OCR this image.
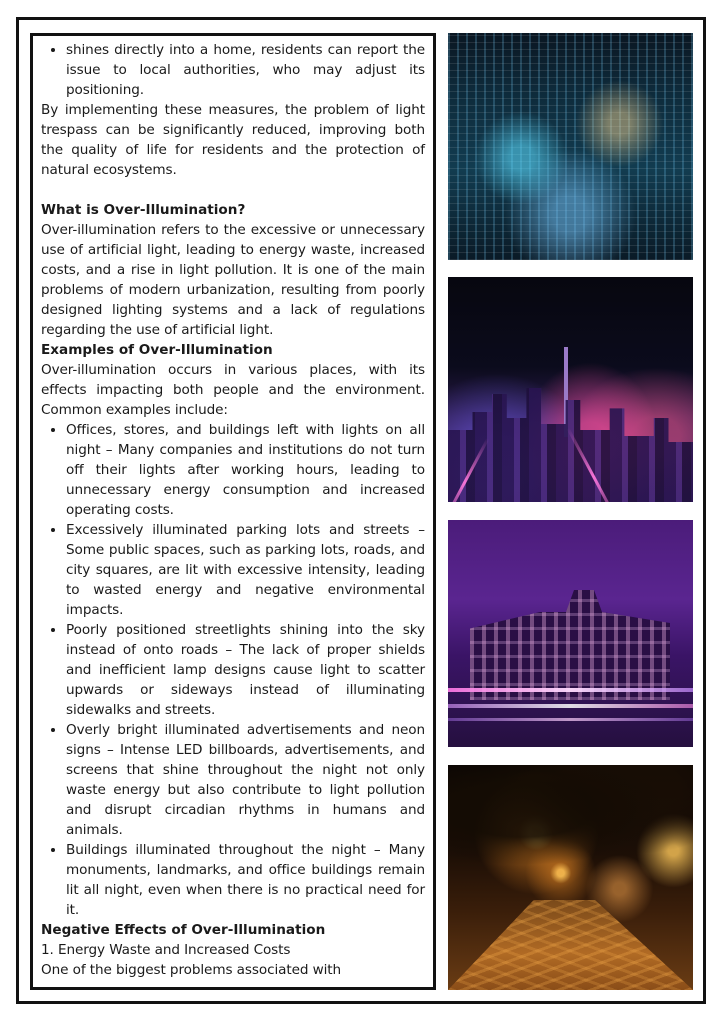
• shines directly into a home, residents can report the issue to local authorities, who may adjust its positioning.

By implementing these measures, the problem of light trespass can be significantly reduced, improving both the quality of life for residents and the protection of natural ecosystems.

What is Over-Illumination?

Over-illumination refers to the excessive or unnecessary use of artificial light, leading to energy waste, increased costs, and a rise in light pollution. It is one of the main problems of modern urbanization, resulting from poorly designed lighting systems and a lack of regulations regarding the use of artificial light.

Examples of Over-Illumination

Over-illumination occurs in various places, with its effects impacting both people and the environment. Common examples include:

• Offices, stores, and buildings left with lights on all night – Many companies and institutions do not turn off their lights after working hours, leading to unnecessary energy consumption and increased operating costs.
• Excessively illuminated parking lots and streets – Some public spaces, such as parking lots, roads, and city squares, are lit with excessive intensity, leading to wasted energy and negative environmental impacts.
• Poorly positioned streetlights shining into the sky instead of onto roads – The lack of proper shields and inefficient lamp designs cause light to scatter upwards or sideways instead of illuminating sidewalks and streets.
• Overly bright illuminated advertisements and neon signs – Intense LED billboards, advertisements, and screens that shine throughout the night not only waste energy but also contribute to light pollution and disrupt circadian rhythms in humans and animals.
• Buildings illuminated throughout the night – Many monuments, landmarks, and office buildings remain lit all night, even when there is no practical need for it.

Negative Effects of Over-Illumination

1. Energy Waste and Increased Costs

One of the biggest problems associated with
